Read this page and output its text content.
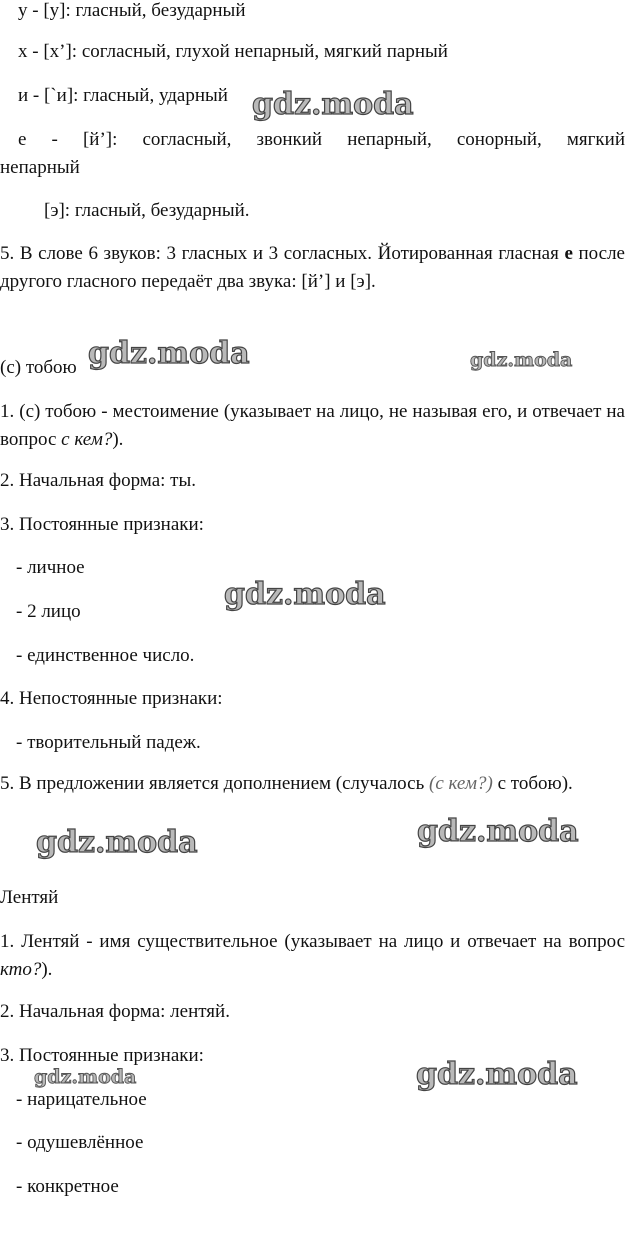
у - [у]: гласный, безударный
х - [х’]: согласный, глухой непарный, мягкий парный
и - [`и]: гласный, ударный
е - [й’]: согласный, звонкий непарный, сонорный, мягкий непарный
[э]: гласный, безударный.
5. В слове 6 звуков: 3 гласных и 3 согласных. Йотированная гласная е после другого гласного передаёт два звука: [й’] и [э].
(с) тобою
1. (с) тобою - местоимение (указывает на лицо, не называя его, и отвечает на вопрос с кем?).
2. Начальная форма: ты.
3. Постоянные признаки:
- личное
- 2 лицо
- единственное число.
4. Непостоянные признаки:
- творительный падеж.
5. В предложении является дополнением (случалось (с кем?) с тобою).
Лентяй
1. Лентяй - имя существительное (указывает на лицо и отвечает на вопрос кто?).
2. Начальная форма: лентяй.
3. Постоянные признаки:
- нарицательное
- одушевлённое
- конкретное
gdz.moda
gdz.moda	gdz.moda
gdz.moda
gdz.moda	gdz.moda
gdz.moda	gdz.moda
